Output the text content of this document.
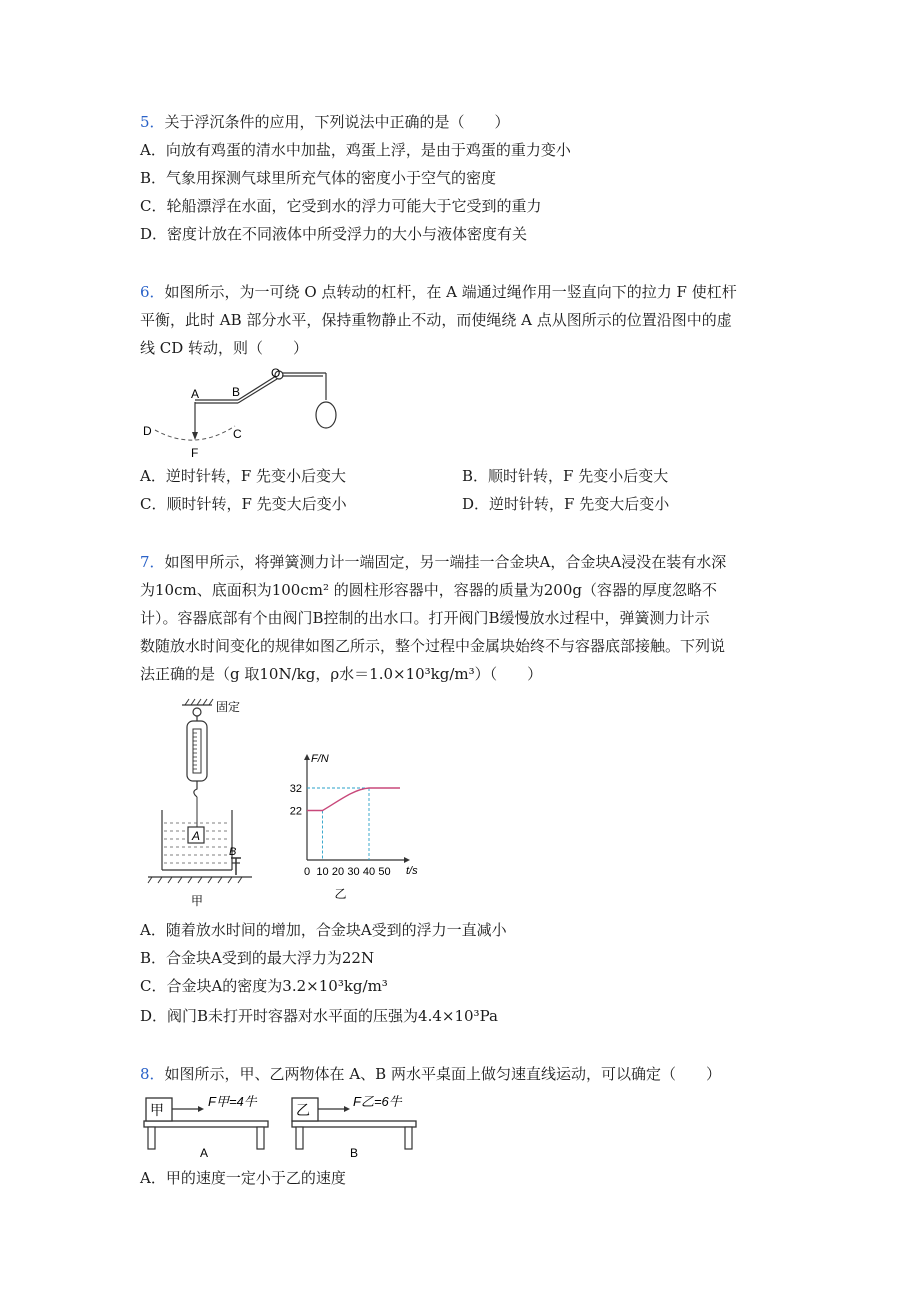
5．关于浮沉条件的应用，下列说法中正确的是（　　）
A．向放有鸡蛋的清水中加盐，鸡蛋上浮，是由于鸡蛋的重力变小
B．气象用探测气球里所充气体的密度小于空气的密度
C．轮船漂浮在水面，它受到水的浮力可能大于它受到的重力
D．密度计放在不同液体中所受浮力的大小与液体密度有关
6．如图所示，为一可绕 O 点转动的杠杆，在 A 端通过绳作用一竖直向下的拉力 F 使杠杆
平衡，此时 AB 部分水平，保持重物静止不动，而使绳绕 A 点从图所示的位置沿图中的虚
线 CD 转动，则（　　）
A	B
O
D	C
F
A．逆时针转，F 先变小后变大	B．顺时针转，F 先变小后变大
C．顺时针转，F 先变大后变小	D．逆时针转，F 先变大后变小
7．如图甲所示，将弹簧测力计一端固定，另一端挂一合金块A，合金块A浸没在装有水深
为10cm、底面积为100cm² 的圆柱形容器中，容器的质量为200g（容器的厚度忽略不
计）。容器底部有个由阀门B控制的出水口。打开阀门B缓慢放水过程中，弹簧测力计示
数随放水时间变化的规律如图乙所示，整个过程中金属块始终不与容器底部接触。下列说
法正确的是（g 取10N/kg，ρ水＝1.0×10³kg/m³）（　　）
固定
A
B
甲
F/N
t/s
0 10 20 30 40 50
22
32
乙
A．随着放水时间的增加，合金块A受到的浮力一直减小
B．合金块A受到的最大浮力为22N
C．合金块A的密度为3.2×10³kg/m³
D．阀门B未打开时容器对水平面的压强为4.4×10³Pa
8．如图所示，甲、乙两物体在 A、B 两水平桌面上做匀速直线运动，可以确定（　　）
甲
F甲=4牛
A
乙
F乙=6牛
B
A．甲的速度一定小于乙的速度
